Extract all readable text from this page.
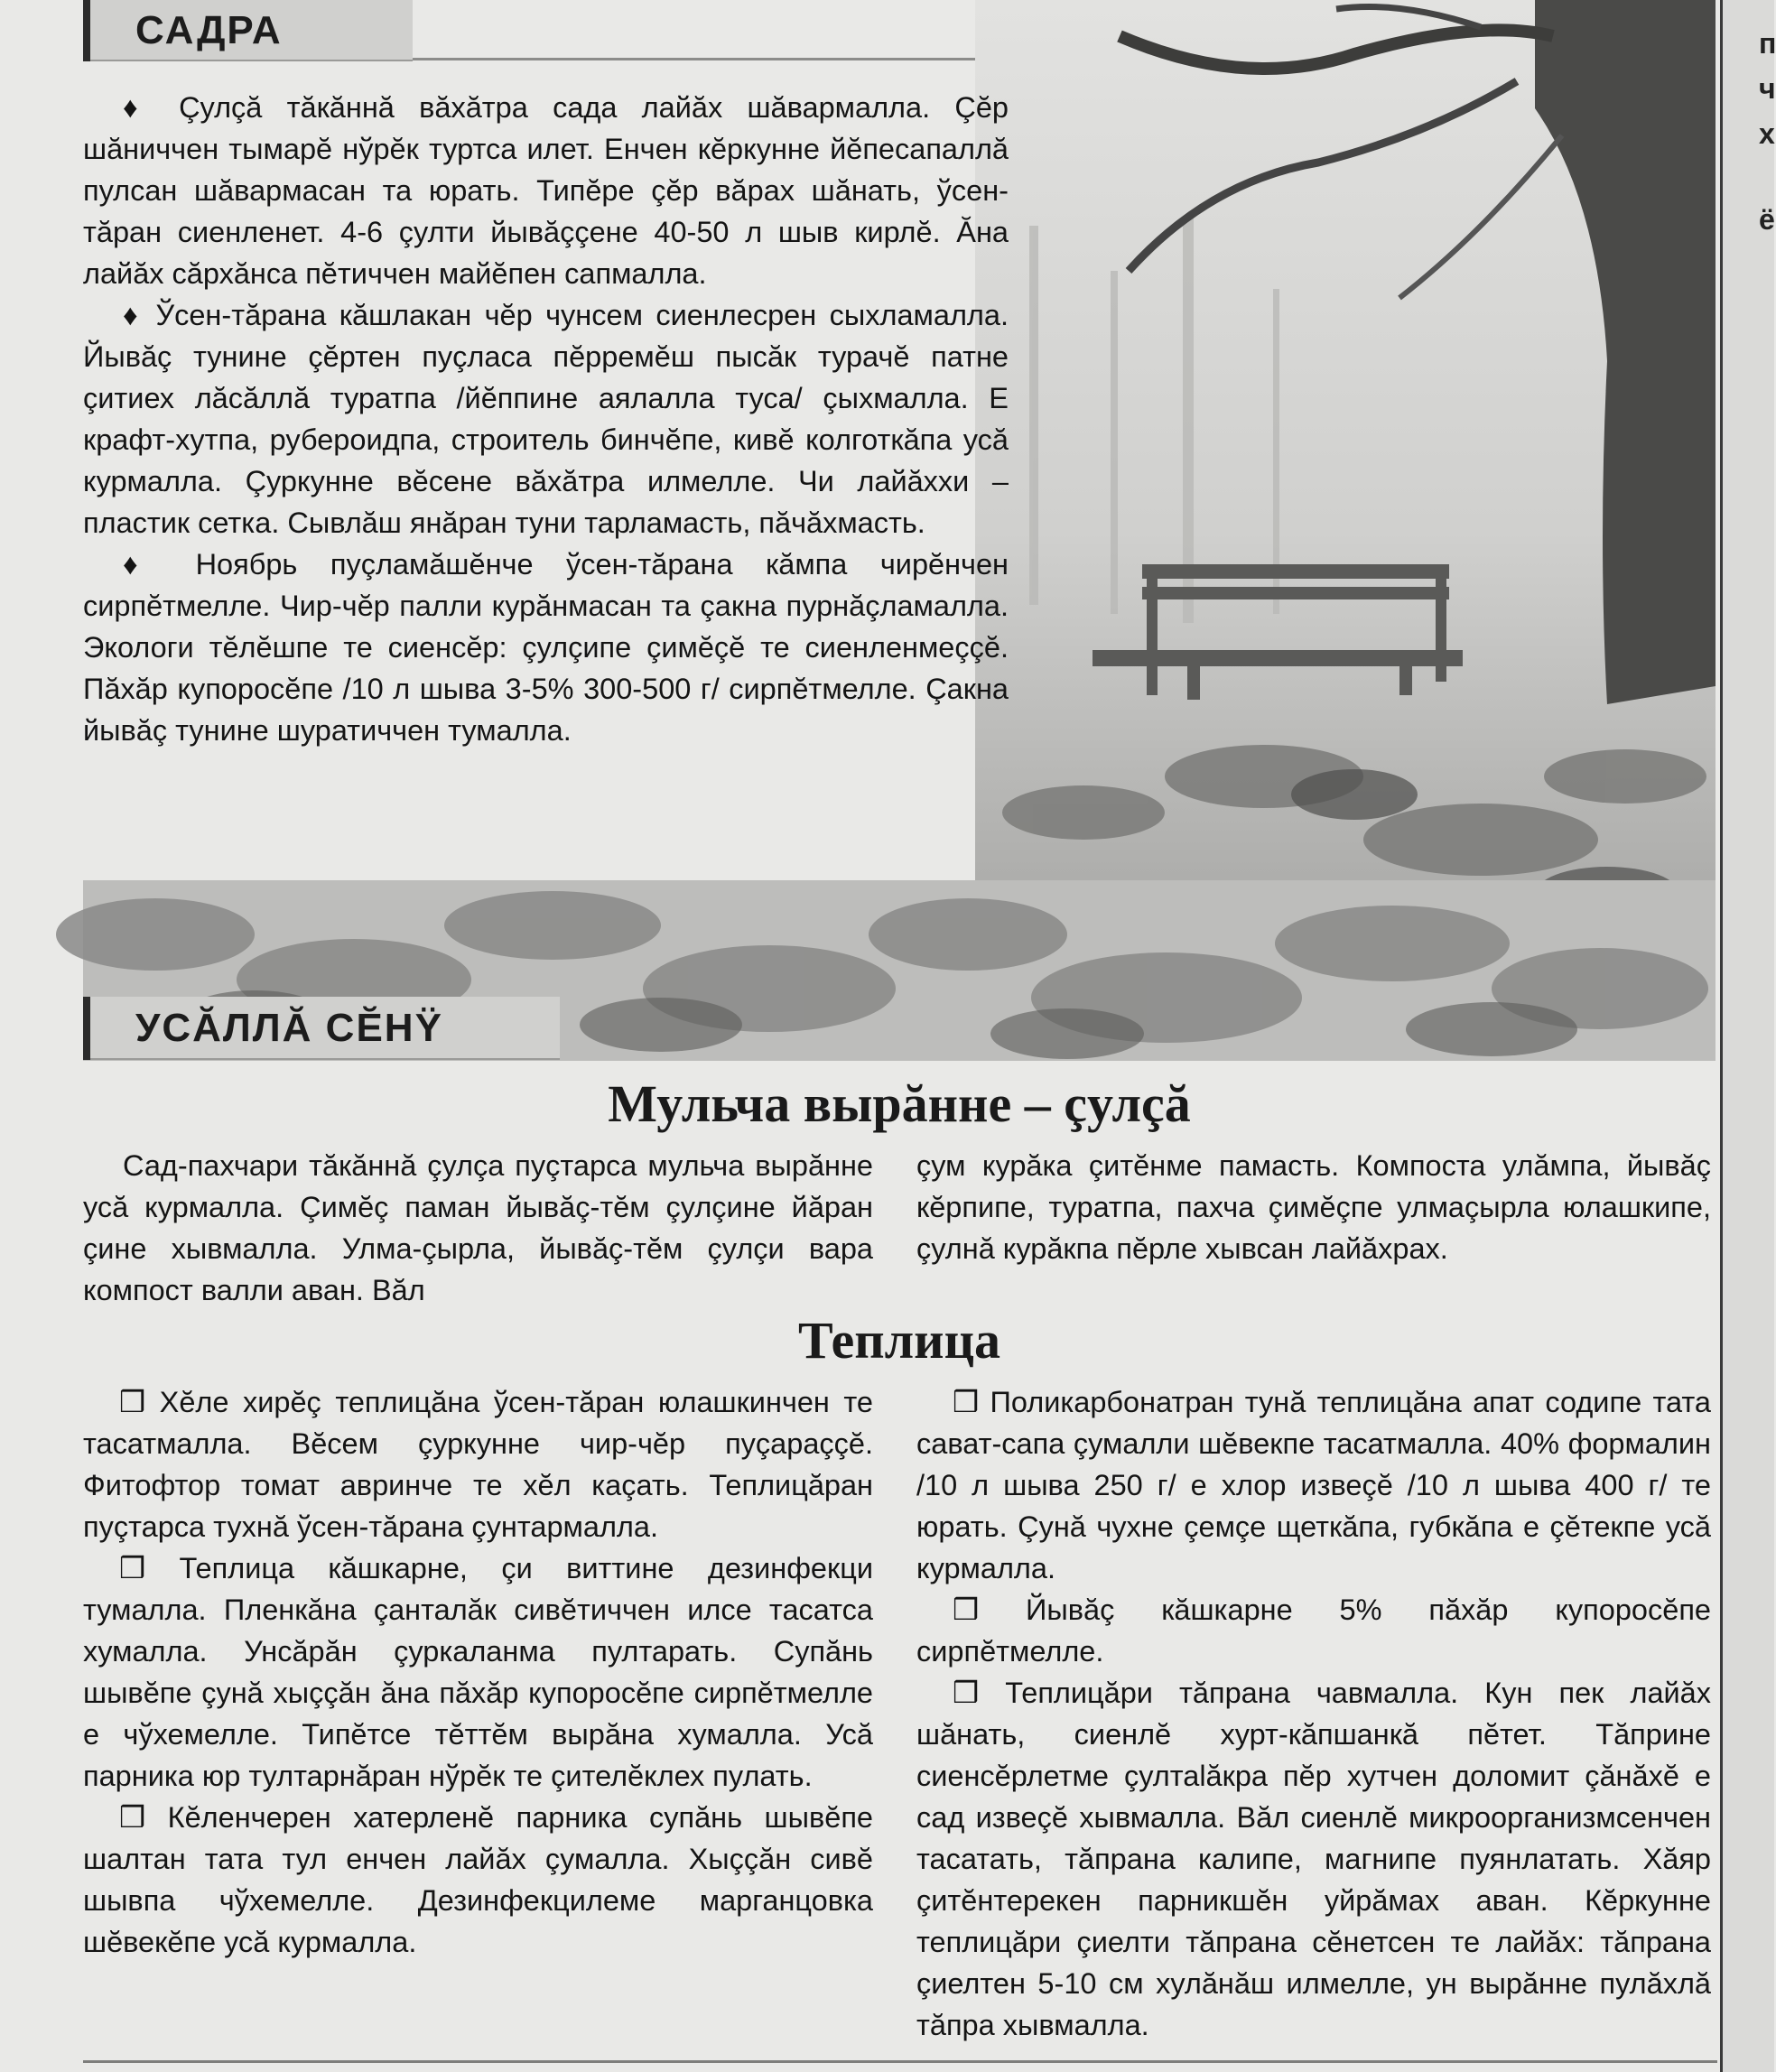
САДРА

♦ Çулçă тăкăннă вăхăтра сада лайăх шăвармалла. Çĕр шăниччен тымарĕ нўрĕк туртса илет. Енчен кĕркунне йĕпесапаллă пулсан шăвармасан та юрать. Типĕре çĕр вăрах шăнать, ўсен-тăран сиенленет. 4-6 çулти йывăççене 40-50 л шыв кирлĕ. Ăна лайăх сăрхăнса пĕтиччен майĕпен сапмалла.

♦ Ўсен-тăрана кăшлакан чĕр чунсем сиенлесрен сыхламалла. Йывăç тунине çĕртен пуçласа пĕрремĕш пысăк турачĕ патне çитиех лăсăллă туратпа /йĕппине аялалла туса/ çыхмалла. Е крафт-хутпа, рубероидпа, строитель бинчĕпе, кивĕ колготкăпа усă курмалла. Çуркунне вĕсене вăхăтра илмелле. Чи лайăххи – пластик сетка. Сывлăш янăран туни тарламасть, пăчăхмасть.

♦ Ноябрь пуçламăшĕнче ўсен-тăрана кăмпа чирĕнчен сирпĕтмелле. Чир-чĕр палли курăнмасан та çакна пурнăçламалла. Экологи тĕлĕшпе те сиенсĕр: çулçипе çимĕçĕ те сиенленмеççĕ. Пăхăр купоросĕпе /10 л шыва 3-5% 300-500 г/ сирпĕтмелле. Çакна йывăç тунине шуратиччен тумалла.

УСĂЛЛĂ СĔНŸ
Мульча вырăнне – çулçă

Сад-пахчари тăкăннă çулçа пуçтарса мульча вырăнне усă курмалла. Çимĕç паман йывăç-тĕм çулçине йăран çине хывмалла. Улма-çырла, йывăç-тĕм çулçи вара компост валли аван. Вăл

çум курăка çитĕнме памасть. Компоста улăмпа, йывăç кĕрпипе, туратпа, пахча çимĕçпе улмаçырла юлашкипе, çулнă курăкпа пĕрле хывсан лайăхрах.

Теплица

❒ Хĕле хирĕç теплицăна ўсен-тăран юлашкинчен те тасатмалла. Вĕсем çуркунне чир-чĕр пуçараççĕ. Фитофтор томат авринче те хĕл каçать. Теплицăран пуçтарса тухнă ўсен-тăрана çунтармалла.

❒ Теплица кăшкарне, çи виттине дезинфекци тумалла. Пленкăна çанталăк сивĕтиччен илсе тасатса хумалла. Унсăрăн çуркаланма пултарать. Супăнь шывĕпе çунă хыççăн ăна пăхăр купоросĕпе сирпĕтмелле е чўхемелле. Типĕтсе тĕттĕм вырăна хумалла. Усă парника юр тултарнăран нўрĕк те çителĕклех пулать.

❒ Кĕленчерен хатерленĕ парника супăнь шывĕпе шалтан тата тул енчен лайăх çумалла. Хыççăн сивĕ шывпа чўхемелле. Дезинфекцилеме марганцовка шĕвекĕпе усă курмалла.

❒ Поликарбонатран тунă теплицăна апат содипе тата сават-сапа çумалли шĕвекпе тасатмалла. 40% формалин /10 л шыва 250 г/ е хлор извеçĕ /10 л шыва 400 г/ те юрать. Çунă чухне çемçе щеткăпа, губкăпа е çĕтекпе усă курмалла.

❒ Йывăç кăшкарне 5% пăхăр купоросĕпе сирпĕтмелле.

❒ Теплицăри тăпрана чавмалла. Кун пек лайăх шăнать, сиенлĕ хурт-кăпшанкă пĕтет. Тăприне сиенсĕрлетме çултаlăкра пĕр хутчен доломит çăнăхĕ е сад извеçĕ хывмалла. Вăл сиенлĕ микроорганизмсенчен тасатать, тăпрана калипе, магнипе пуянлатать. Хăяр çитĕнтерекен парникшĕн уйрăмах аван. Кĕркунне теплицăри çиелти тăпрана сĕнетсен те лайăх: тăпрана çиелтен 5-10 см хулăнăш илмелле, ун вырăнне пулăхлă тăпра хывмалла.

п
ч
х
ё
